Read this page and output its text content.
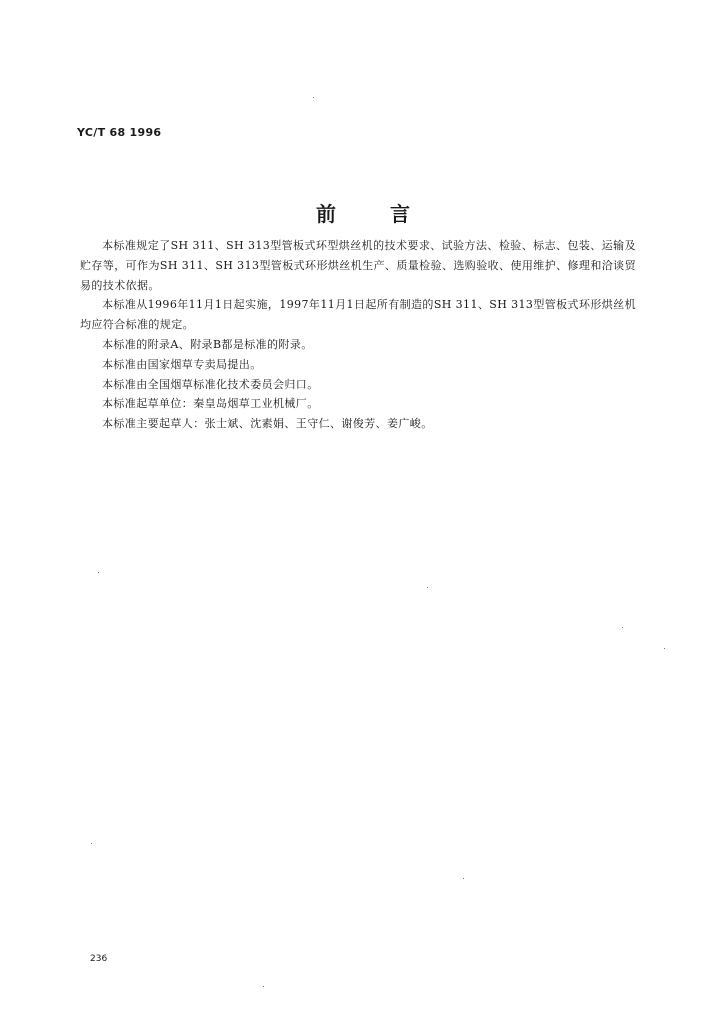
YC/T 68 1996
前	言

本标准规定了SH 311、SH 313型管板式环型烘丝机的技术要求、试验方法、检验、标志、包装、运输及贮存等，可作为SH 311、SH 313型管板式环形烘丝机生产、质量检验、选购验收、使用维护、修理和洽谈贸易的技术依据。

本标准从1996年11月1日起实施，1997年11月1日起所有制造的SH 311、SH 313型管板式环形烘丝机均应符合标准的规定。

本标准的附录A、附录B都是标准的附录。

本标准由国家烟草专卖局提出。

本标准由全国烟草标准化技术委员会归口。

本标准起草单位：秦皇岛烟草工业机械厂。

本标准主要起草人：张士斌、沈素娟、王守仁、谢俊芳、姜广峻。

236
